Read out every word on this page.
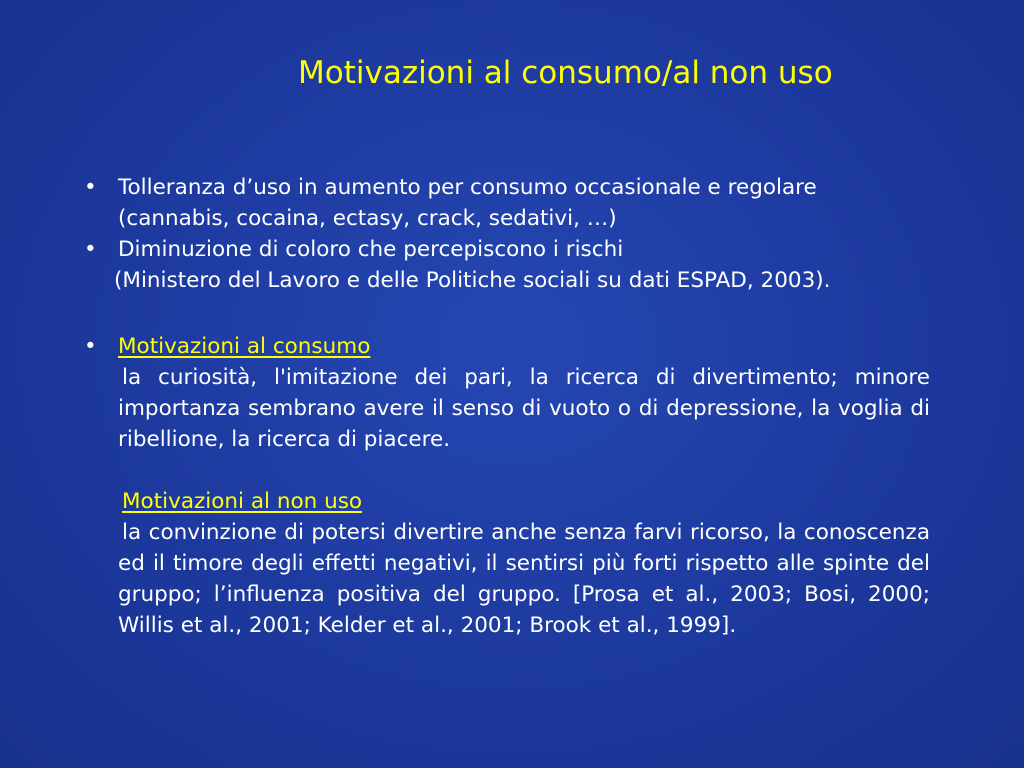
Motivazioni al consumo/al non uso
• Tolleranza d’uso in aumento per consumo occasionale e regolare (cannabis, cocaina, ectasy, crack, sedativi, …)
• Diminuzione di coloro che percepiscono i rischi
(Ministero del Lavoro e delle Politiche sociali su dati ESPAD, 2003).
• Motivazioni al consumo
la curiosità, l'imitazione dei pari, la ricerca di divertimento; minore importanza sembrano avere il senso di vuoto o di depressione, la voglia di ribellione, la ricerca di piacere.
Motivazioni al non uso
la convinzione di potersi divertire anche senza farvi ricorso, la conoscenza ed il timore degli effetti negativi, il sentirsi più forti rispetto alle spinte del gruppo; l’influenza positiva del gruppo. [Prosa et al., 2003; Bosi, 2000; Willis et al., 2001; Kelder et al., 2001; Brook et al., 1999].
